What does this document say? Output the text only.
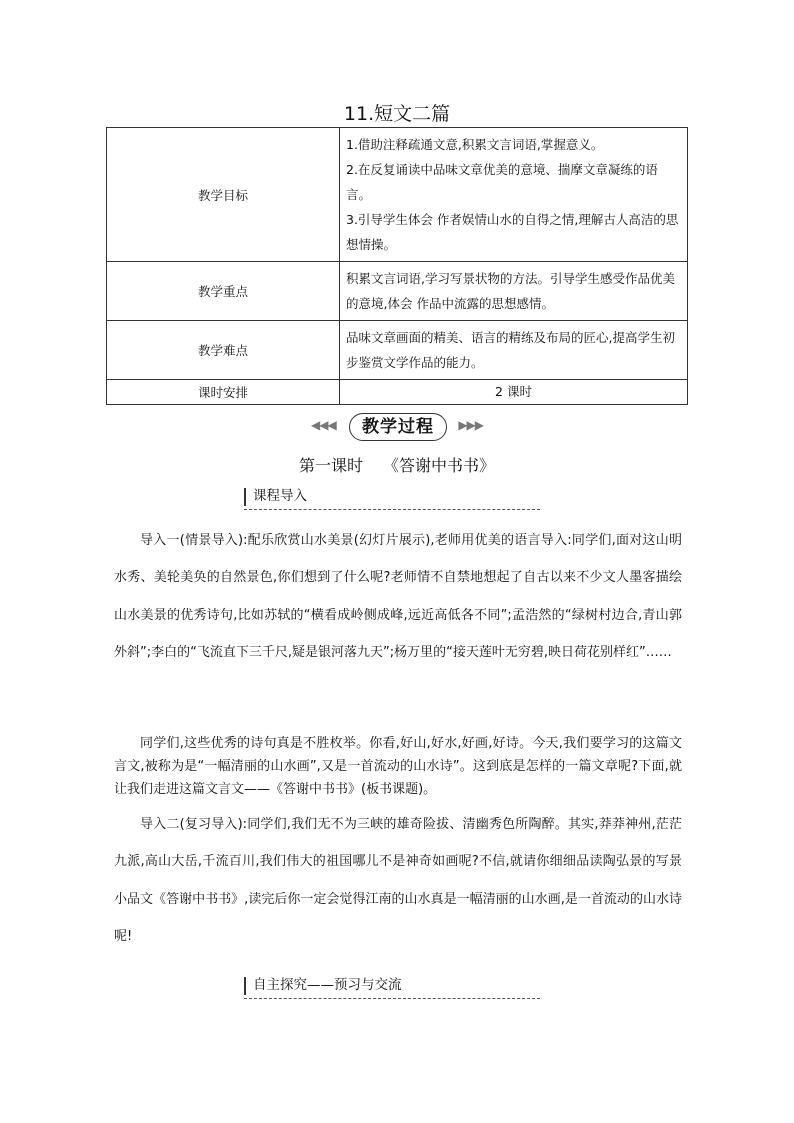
11.短文二篇
教学目标	1.借助注释疏通文意,积累文言词语,掌握意义。

2.在反复诵读中品味文章优美的意境、揣摩文章凝练的语言。

3.引导学生体会 作者娱情山水的自得之情,理解古人高洁的思想情操。

教学重点	积累文言词语,学习写景状物的方法。引导学生感受作品优美的意境,体会 作品中流露的思想感情。
教学难点	品味文章画面的精美、语言的精练及布局的匠心,提高学生初步鉴赏文学作品的能力。
课时安排	2 课时
◀◀◀	教学过程	▶▶▶
第一课时 《答谢中书书》
课程导入

导入一(情景导入):配乐欣赏山水美景(幻灯片展示),老师用优美的语言导入:同学们,面对这山明水秀、美轮美奂的自然景色,你们想到了什么呢?老师情不自禁地想起了自古以来不少文人墨客描绘山水美景的优秀诗句,比如苏轼的“横看成岭侧成峰,远近高低各不同”;孟浩然的“绿树村边合,青山郭外斜”;李白的“飞流直下三千尺,疑是银河落九天”;杨万里的“接天莲叶无穷碧,映日荷花别样红”……

同学们,这些优秀的诗句真是不胜枚举。你看,好山,好水,好画,好诗。今天,我们要学习的这篇文言文,被称为是“一幅清丽的山水画”,又是一首流动的山水诗”。这到底是怎样的一篇文章呢?下面,就让我们走进这篇文言文——《答谢中书书》(板书课题)。

导入二(复习导入):同学们,我们无不为三峡的雄奇险拔、清幽秀色所陶醉。其实,莽莽神州,茫茫九派,高山大岳,千流百川,我们伟大的祖国哪儿不是神奇如画呢?不信,就请你细细品读陶弘景的写景小品文《答谢中书书》,读完后你一定会觉得江南的山水真是一幅清丽的山水画,是一首流动的山水诗呢!

自主探究——预习与交流
